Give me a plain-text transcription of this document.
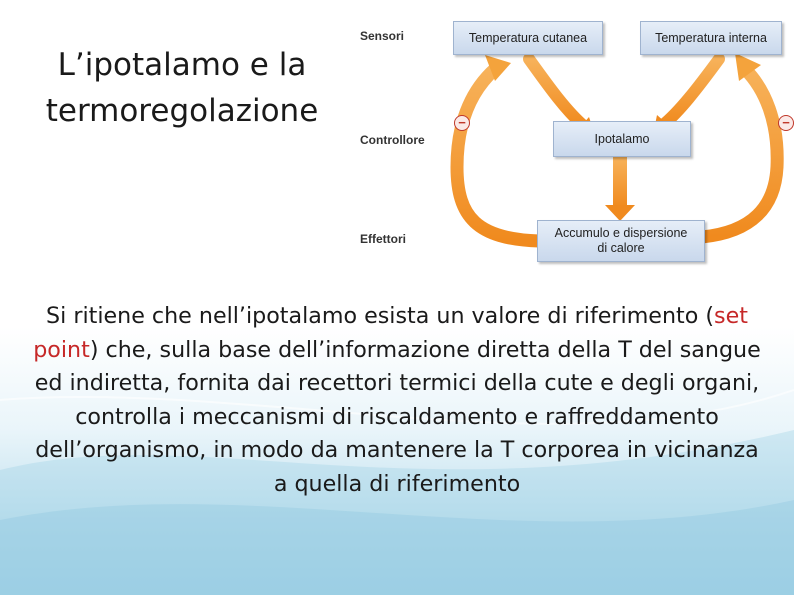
L’ipotalamo e la
termoregolazione
Sensori
Controllore
Effettori
Temperatura cutanea	Temperatura interna
Ipotalamo
Accumulo e dispersione
di calore
−	−
Si ritiene che nell’ipotalamo esista un valore di riferimento (set point) che, sulla base dell’informazione diretta della T del sangue ed indiretta, fornita dai recettori termici della cute e degli organi, controlla i meccanismi di riscaldamento e raffreddamento dell’organismo, in modo da mantenere la T corporea in vicinanza a quella di riferimento
